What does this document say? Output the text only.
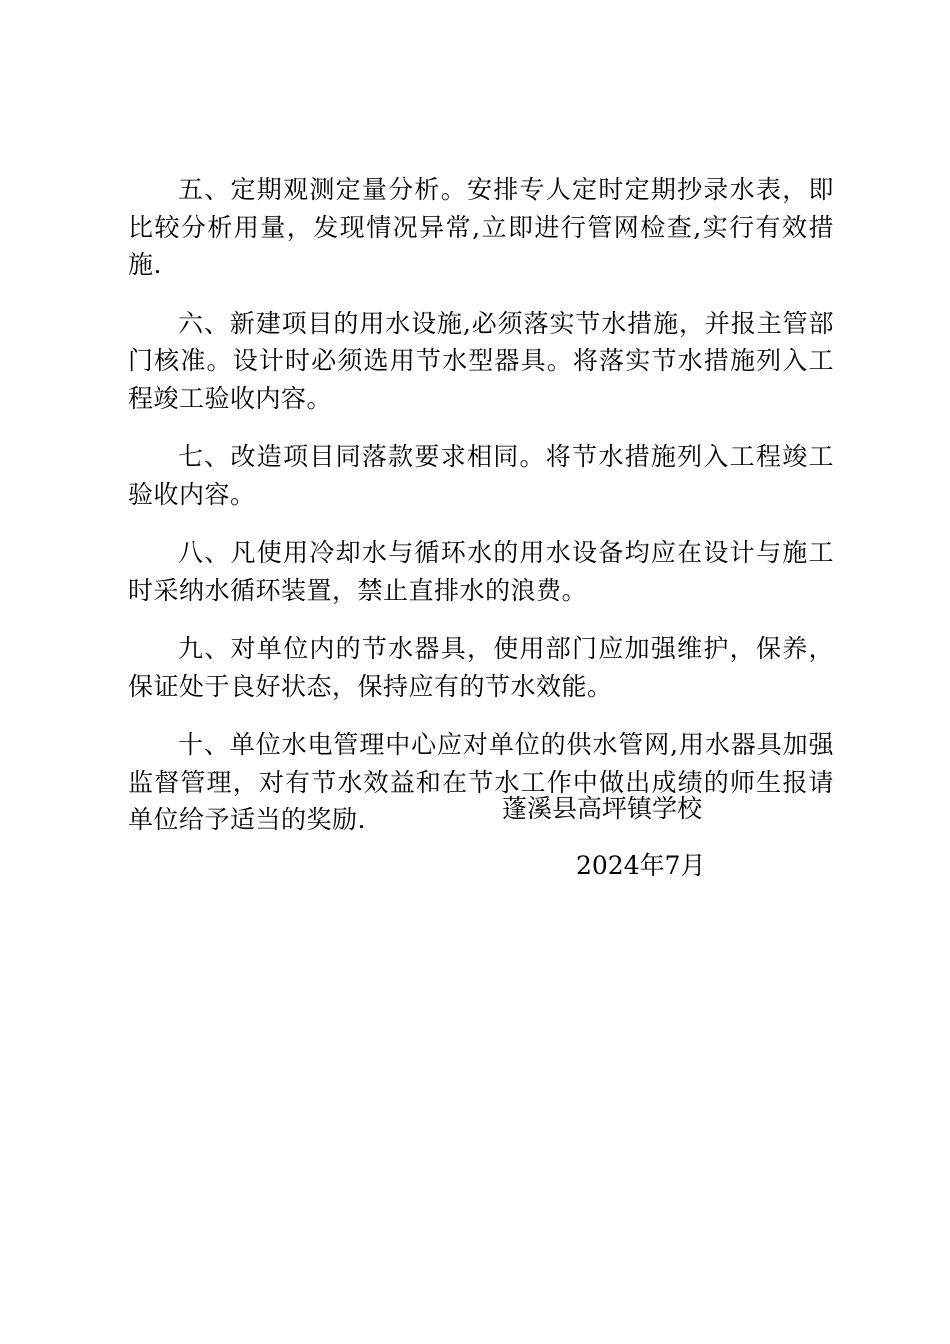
五、定期观测定量分析。安排专人定时定期抄录水表，即比较分析用量，发现情况异常,立即进行管网检查,实行有效措施.

六、新建项目的用水设施,必须落实节水措施，并报主管部门核准。设计时必须选用节水型器具。将落实节水措施列入工程竣工验收内容。

七、改造项目同落款要求相同。将节水措施列入工程竣工验收内容。

八、凡使用冷却水与循环水的用水设备均应在设计与施工时采纳水循环装置，禁止直排水的浪费。

九、对单位内的节水器具，使用部门应加强维护，保养，保证处于良好状态，保持应有的节水效能。

十、单位水电管理中心应对单位的供水管网,用水器具加强监督管理，对有节水效益和在节水工作中做出成绩的师生报请单位给予适当的奖励.	蓬溪县高坪镇学校
2024年7月
